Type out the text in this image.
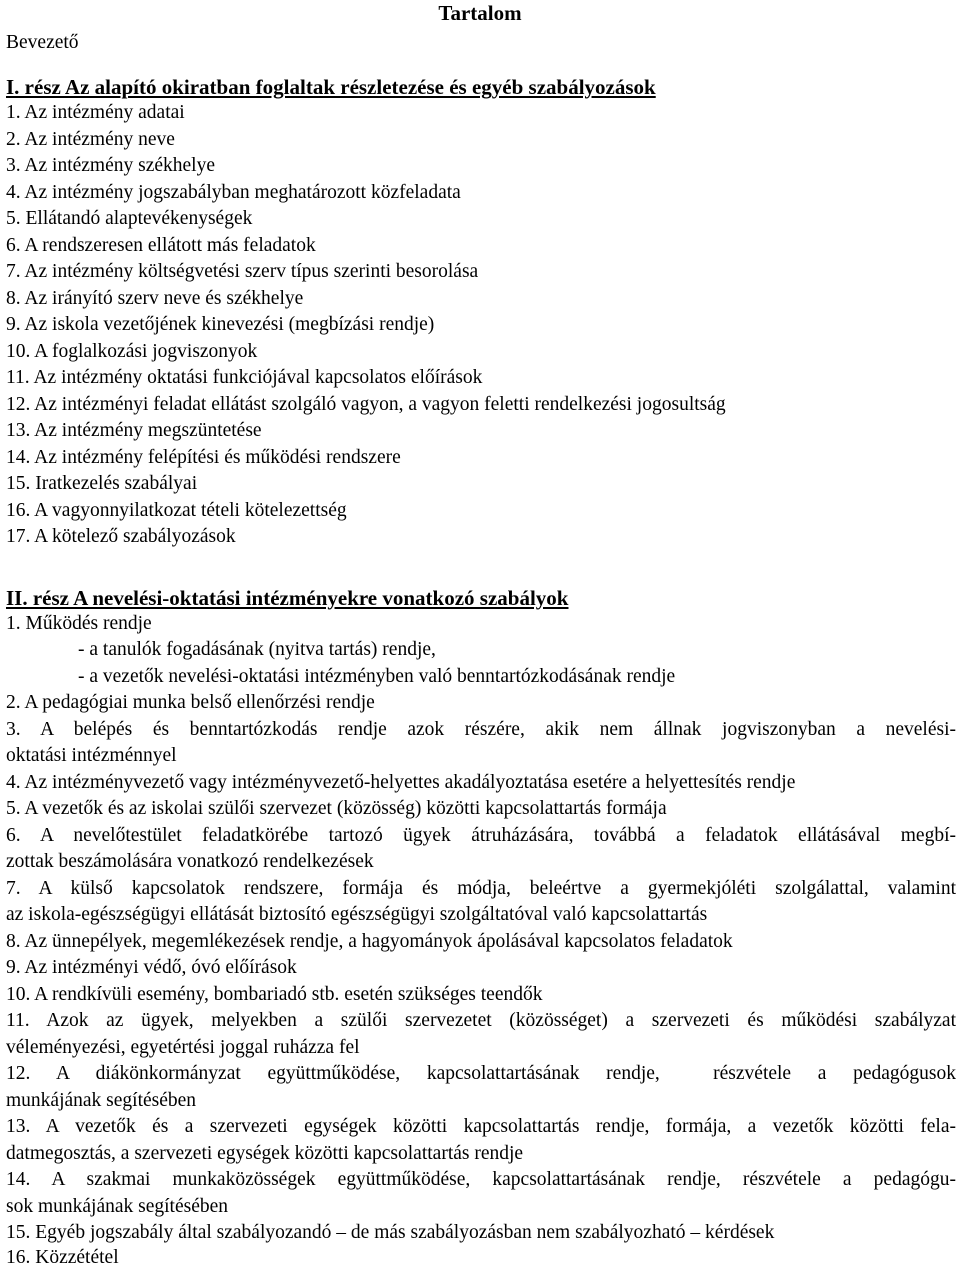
Tartalom
Bevezető
I. rész Az alapító okiratban foglaltak részletezése és egyéb szabályozások
1. Az intézmény adatai
2. Az intézmény neve
3. Az intézmény székhelye
4. Az intézmény jogszabályban meghatározott közfeladata
5. Ellátandó alaptevékenységek
6. A rendszeresen ellátott más feladatok
7. Az intézmény költségvetési szerv típus szerinti besorolása
8. Az irányító szerv neve és székhelye
9. Az iskola vezetőjének kinevezési (megbízási rendje)
10. A foglalkozási jogviszonyok
11. Az intézmény oktatási funkciójával kapcsolatos előírások
12. Az intézményi feladat ellátást szolgáló vagyon, a vagyon feletti rendelkezési jogosultság
13. Az intézmény megszüntetése
14. Az intézmény felépítési és működési rendszere
15. Iratkezelés szabályai
16. A vagyonnyilatkozat tételi kötelezettség
17. A kötelező szabályozások
II. rész A nevelési-oktatási intézményekre vonatkozó szabályok
1. Működés rendje
- a tanulók fogadásának (nyitva tartás) rendje,
- a vezetők nevelési-oktatási intézményben való benntartózkodásának rendje
2. A pedagógiai munka belső ellenőrzési rendje
3. A belépés és benntartózkodás rendje azok részére, akik nem állnak jogviszonyban a nevelési-
oktatási intézménnyel
4. Az intézményvezető vagy intézményvezető-helyettes akadályoztatása esetére a helyettesítés rendje
5. A vezetők és az iskolai szülői szervezet (közösség) közötti kapcsolattartás formája
6. A nevelőtestület feladatkörébe tartozó ügyek átruházására, továbbá a feladatok ellátásával megbí-
zottak beszámolására vonatkozó rendelkezések
7. A külső kapcsolatok rendszere, formája és módja, beleértve a gyermekjóléti szolgálattal, valamint
az iskola-egészségügyi ellátását biztosító egészségügyi szolgáltatóval való kapcsolattartás
8. Az ünnepélyek, megemlékezések rendje, a hagyományok ápolásával kapcsolatos feladatok
9. Az intézményi védő, óvó előírások
10. A rendkívüli esemény, bombariadó stb. esetén szükséges teendők
11. Azok az ügyek, melyekben a szülői szervezetet (közösséget) a szervezeti és működési szabályzat
véleményezési, egyetértési joggal ruházza fel
12. A diákönkormányzat együttműködése, kapcsolattartásának rendje,  részvétele a pedagógusok
munkájának segítésében
13. A vezetők és a szervezeti egységek közötti kapcsolattartás rendje, formája, a vezetők közötti fela-
datmegosztás, a szervezeti egységek közötti kapcsolattartás rendje
14. A szakmai munkaközösségek együttműködése, kapcsolattartásának rendje, részvétele a pedagógu-
sok munkájának segítésében
15. Egyéb jogszabály által szabályozandó – de más szabályozásban nem szabályozható – kérdések
16. Közzététel
